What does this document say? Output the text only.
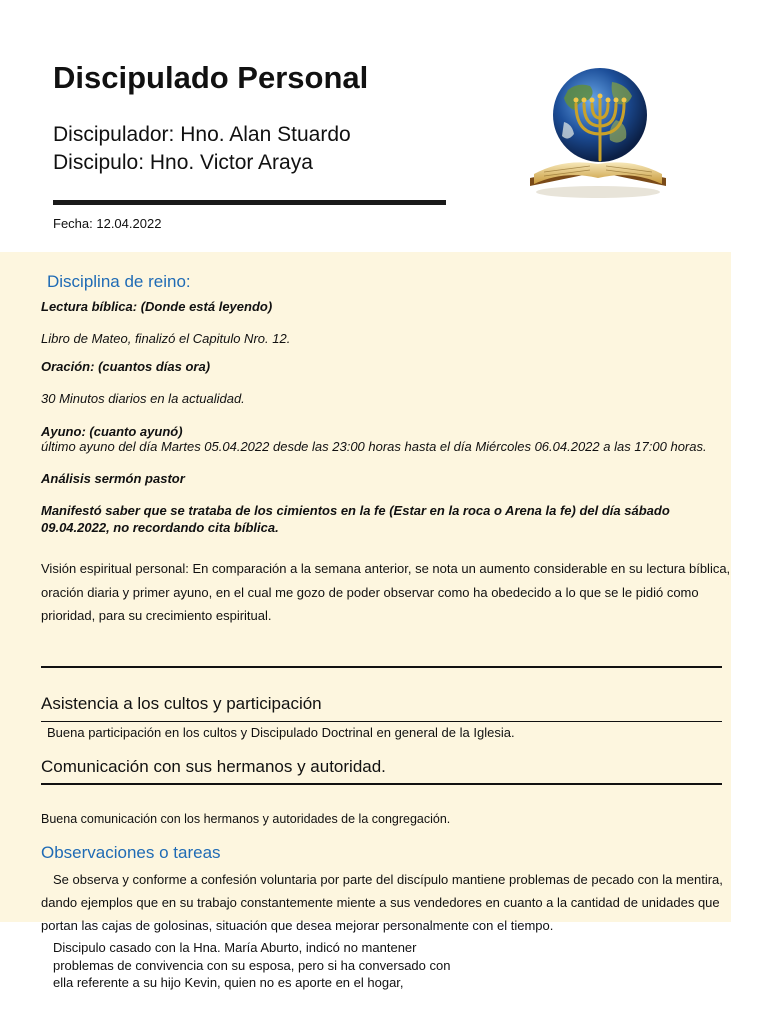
Discipulado Personal
Discipulador: Hno. Alan Stuardo
Discipulo: Hno. Victor Araya
Fecha: 12.04.2022
Disciplina de reino:
Lectura bíblica: (Donde está leyendo)
Libro de Mateo, finalizó el Capitulo Nro. 12.
Oración: (cuantos días ora)
30 Minutos diarios en la actualidad.
Ayuno: (cuanto ayunó)
último ayuno del día Martes 05.04.2022 desde las 23:00 horas hasta el día Miércoles 06.04.2022 a las 17:00 horas.
Análisis sermón pastor
Manifestó saber que se trataba de los cimientos en la fe (Estar en la roca o Arena la fe) del día sábado 09.04.2022, no recordando cita bíblica.
Visión espiritual personal: En comparación a la semana anterior, se nota un aumento considerable en su lectura bíblica, oración diaria y primer ayuno, en el cual me gozo de poder observar como ha obedecido a lo que se le pidió como prioridad, para su crecimiento espiritual.
Asistencia a los cultos y participación
Buena participación en los cultos y Discipulado Doctrinal en general de la Iglesia.
Comunicación con sus hermanos y autoridad.
Buena comunicación con los hermanos y autoridades de la congregación.
Observaciones o tareas
Se observa y conforme a confesión voluntaria por parte del discípulo mantiene problemas de pecado con la mentira, dando ejemplos que en su trabajo constantemente miente a sus vendedores en cuanto a la cantidad de unidades que portan las cajas de golosinas, situación que desea mejorar personalmente con el tiempo.
Discipulo casado con la Hna. María Aburto, indicó no mantener problemas de convivencia con su esposa, pero si ha conversado con ella referente a su hijo Kevin, quien no es aporte en el hogar,
